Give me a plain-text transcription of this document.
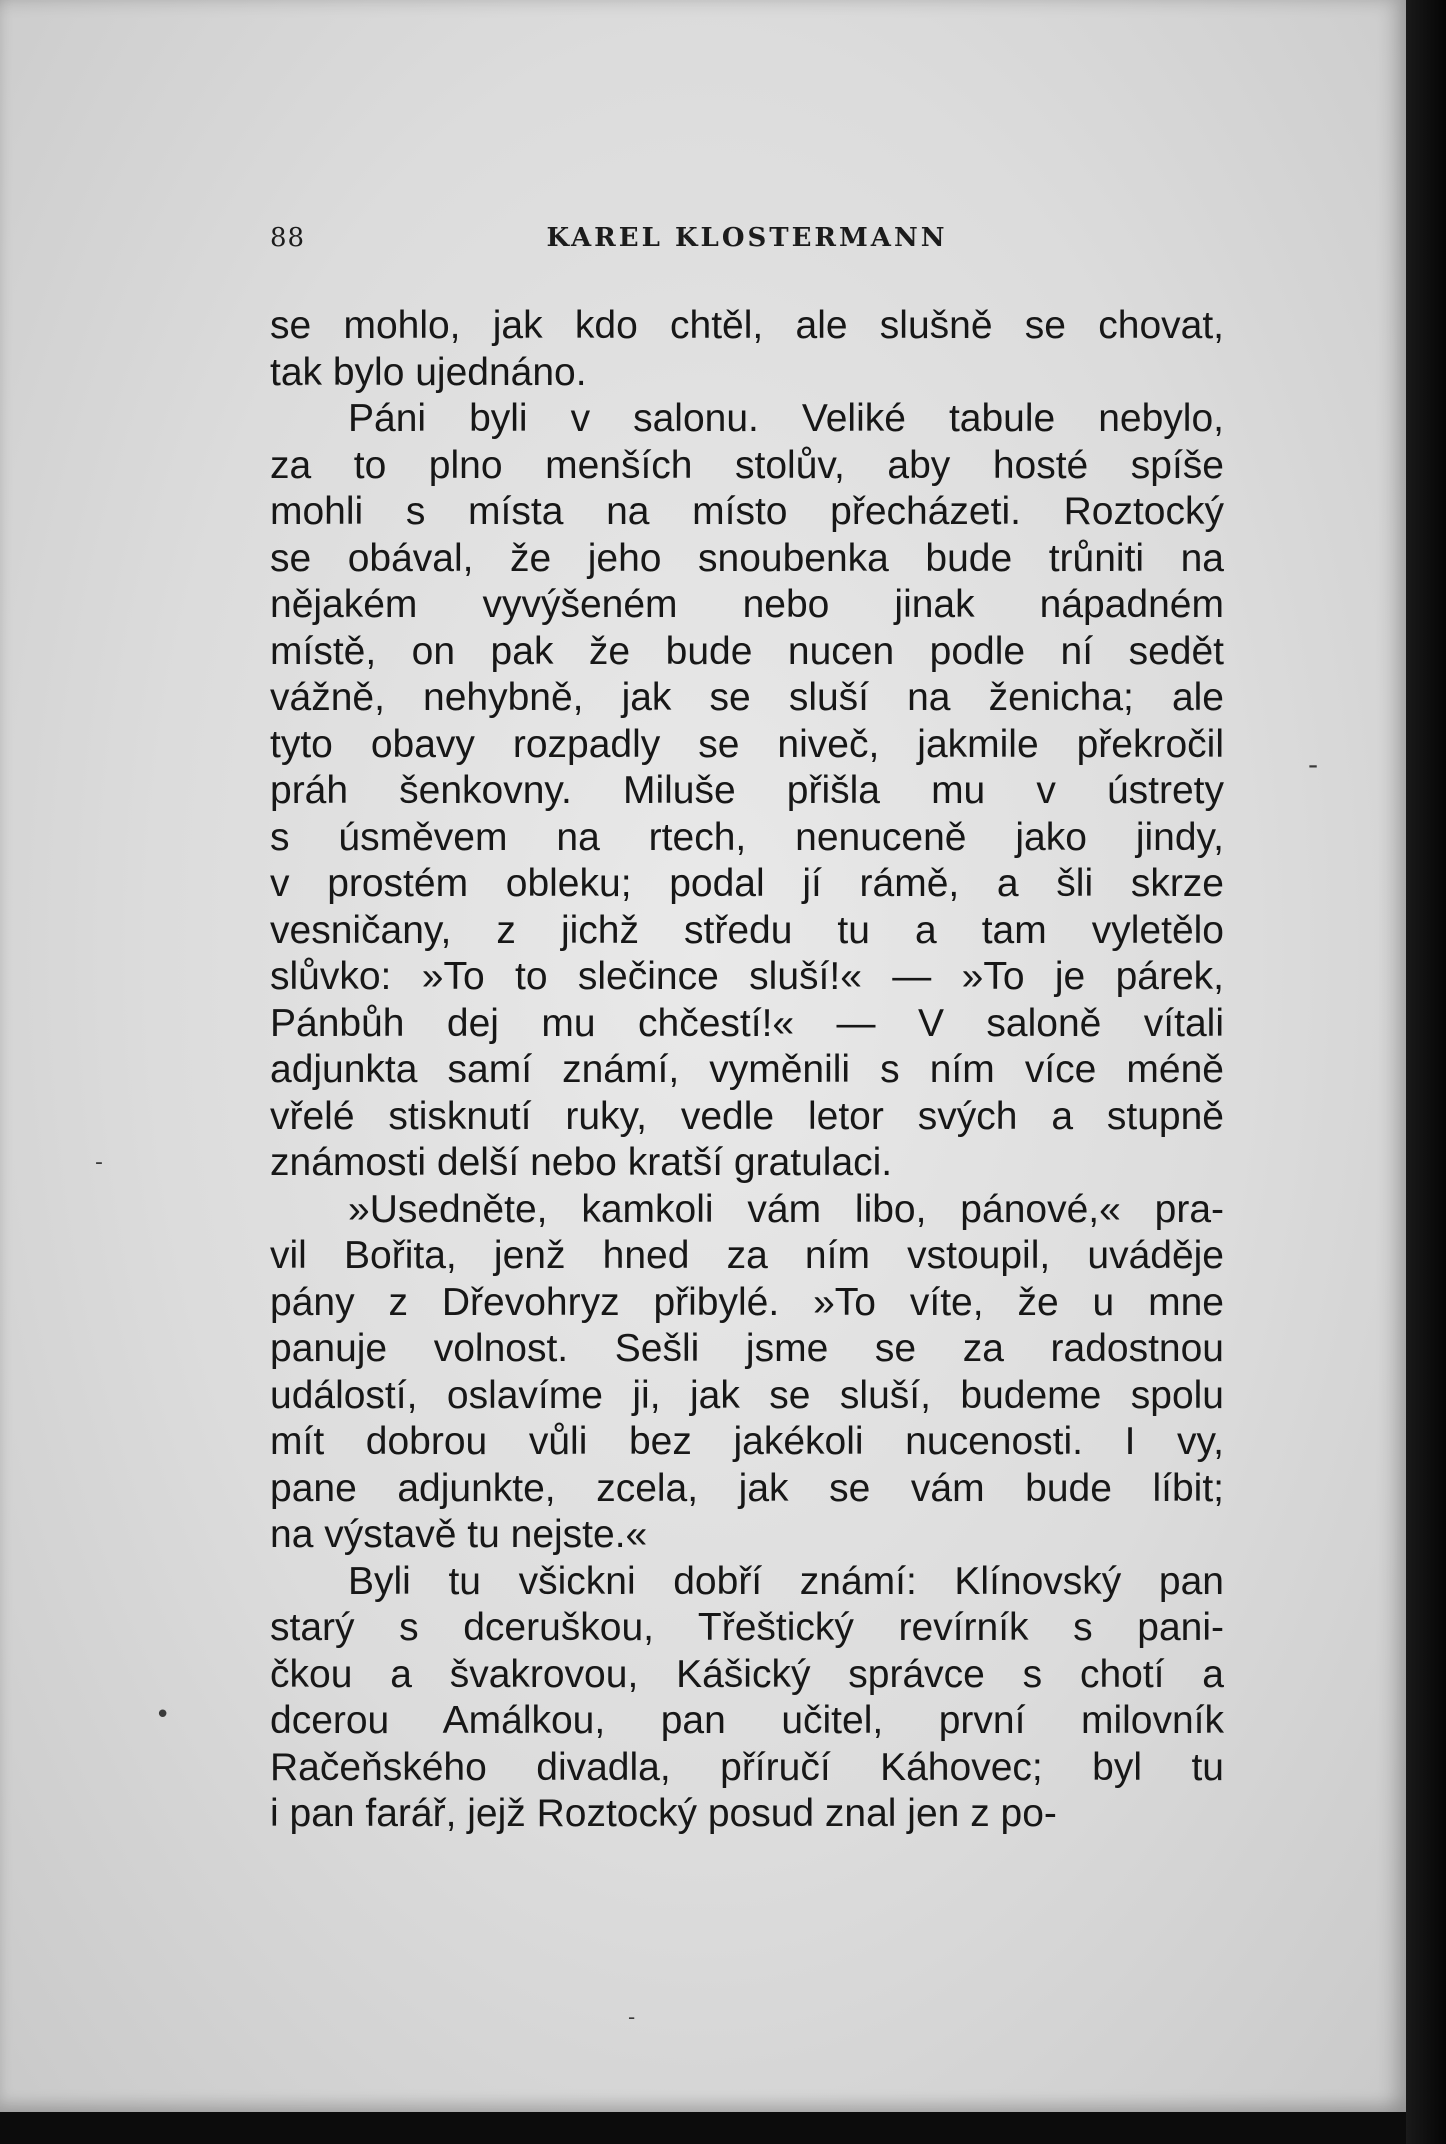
88	KAREL KLOSTERMANN
se mohlo, jak kdo chtěl, ale slušně se chovat,
tak bylo ujednáno.
Páni byli v salonu. Veliké tabule nebylo,
za to plno menších stolův, aby hosté spíše
mohli s místa na místo přecházeti. Roztocký
se obával, že jeho snoubenka bude trůniti na
nějakém vyvýšeném nebo jinak nápadném
místě, on pak že bude nucen podle ní sedět
vážně, nehybně, jak se sluší na ženicha; ale
tyto obavy rozpadly se niveč, jakmile překročil
práh šenkovny. Miluše přišla mu v ústrety
s úsměvem na rtech, nenuceně jako jindy,
v prostém obleku; podal jí rámě, a šli skrze
vesničany, z jichž středu tu a tam vyletělo
slůvko: »To to slečince sluší!« — »To je párek,
Pánbůh dej mu chčestí!« — V saloně vítali
adjunkta samí známí, vyměnili s ním více méně
vřelé stisknutí ruky, vedle letor svých a stupně
známosti delší nebo kratší gratulaci.
»Usedněte, kamkoli vám libo, pánové,« pra-
vil Bořita, jenž hned za ním vstoupil, uváděje
pány z Dřevohryz přibylé. »To víte, že u mne
panuje volnost. Sešli jsme se za radostnou
událostí, oslavíme ji, jak se sluší, budeme spolu
mít dobrou vůli bez jakékoli nucenosti. I vy,
pane adjunkte, zcela, jak se vám bude líbit;
na výstavě tu nejste.«
Byli tu všickni dobří známí: Klínovský pan
starý s dceruškou, Třeštický revírník s pani-
čkou a švakrovou, Kášický správce s chotí a
dcerou Amálkou, pan učitel, první milovník
Račeňského divadla, příručí Káhovec; byl tu
i pan farář, jejž Roztocký posud znal jen z po-
-
-
•
-
